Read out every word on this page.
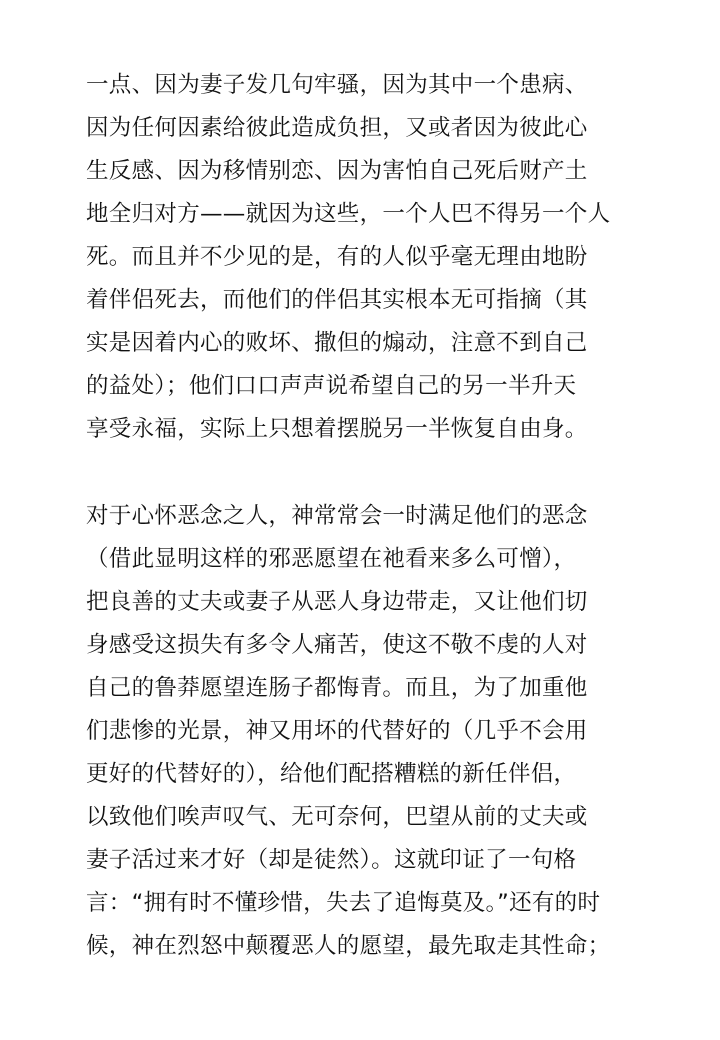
一点、因为妻子发几句牢骚，因为其中一个患病、
因为任何因素给彼此造成负担，又或者因为彼此心
生反感、因为移情别恋、因为害怕自己死后财产土
地全归对方——就因为这些，一个人巴不得另一个人
死。而且并不少见的是，有的人似乎毫无理由地盼
着伴侣死去，而他们的伴侣其实根本无可指摘（其
实是因着内心的败坏、撒但的煽动，注意不到自己
的益处）；他们口口声声说希望自己的另一半升天
享受永福，实际上只想着摆脱另一半恢复自由身。

对于心怀恶念之人，神常常会一时满足他们的恶念
（借此显明这样的邪恶愿望在祂看来多么可憎），
把良善的丈夫或妻子从恶人身边带走，又让他们切
身感受这损失有多令人痛苦，使这不敬不虔的人对
自己的鲁莽愿望连肠子都悔青。而且，为了加重他
们悲惨的光景，神又用坏的代替好的（几乎不会用
更好的代替好的），给他们配搭糟糕的新任伴侣，
以致他们唉声叹气、无可奈何，巴望从前的丈夫或
妻子活过来才好（却是徒然）。这就印证了一句格
言：“拥有时不懂珍惜，失去了追悔莫及。”还有的时
候，神在烈怒中颠覆恶人的愿望，最先取走其性命；
